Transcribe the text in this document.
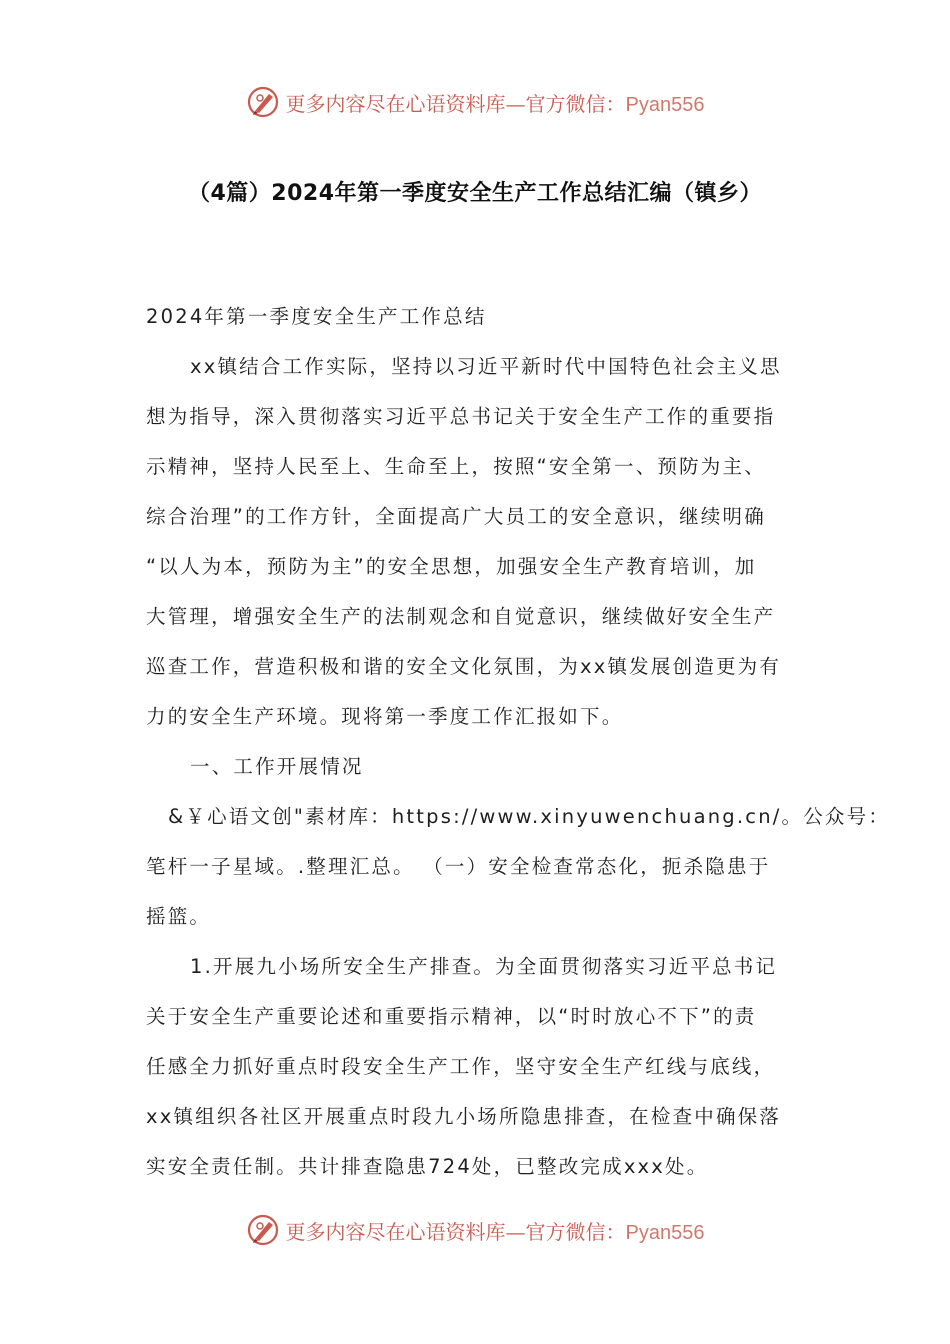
更多内容尽在心语资料库—官方微信：Pyan556
（4篇）2024年第一季度安全生产工作总结汇编（镇乡）
2024年第一季度安全生产工作总结
xx镇结合工作实际，坚持以习近平新时代中国特色社会主义思
想为指导，深入贯彻落实习近平总书记关于安全生产工作的重要指
示精神，坚持人民至上、生命至上，按照“安全第一、预防为主、
综合治理”的工作方针，全面提高广大员工的安全意识，继续明确
“以人为本，预防为主”的安全思想，加强安全生产教育培训，加
大管理，增强安全生产的法制观念和自觉意识，继续做好安全生产
巡查工作，营造积极和谐的安全文化氛围，为xx镇发展创造更为有
力的安全生产环境。现将第一季度工作汇报如下。
一、工作开展情况
&￥心语文创"素材库：https://www.xinyuwenchuang.cn/。公众号：
笔杆一子星域。.整理汇总。 （一）安全检查常态化，扼杀隐患于
摇篮。
1.开展九小场所安全生产排查。为全面贯彻落实习近平总书记
关于安全生产重要论述和重要指示精神，以“时时放心不下”的责
任感全力抓好重点时段安全生产工作，坚守安全生产红线与底线，
xx镇组织各社区开展重点时段九小场所隐患排查，在检查中确保落
实安全责任制。共计排查隐患724处，已整改完成xxx处。
更多内容尽在心语资料库—官方微信：Pyan556
